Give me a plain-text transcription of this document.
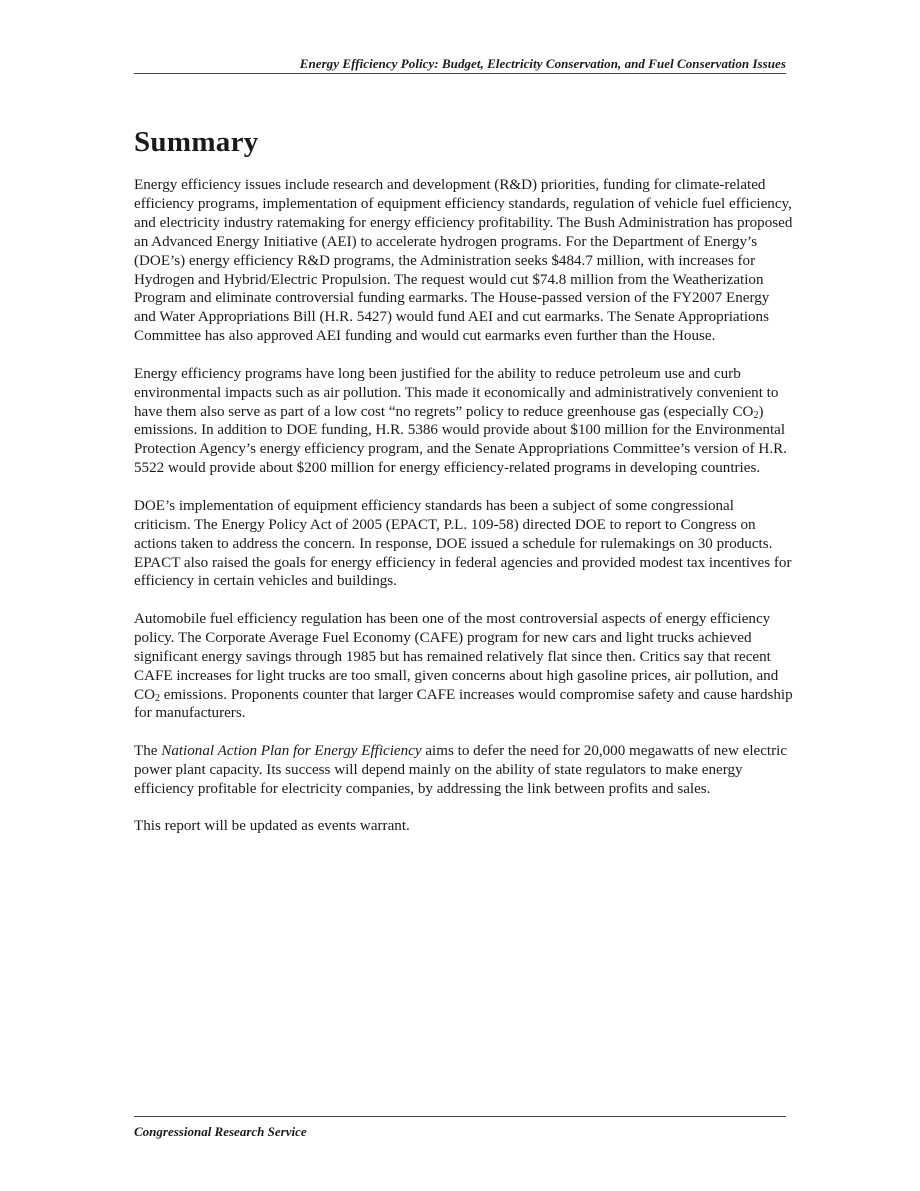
Energy Efficiency Policy: Budget, Electricity Conservation, and Fuel Conservation Issues
Summary

Energy efficiency issues include research and development (R&D) priorities, funding for climate-related efficiency programs, implementation of equipment efficiency standards, regulation of vehicle fuel efficiency, and electricity industry ratemaking for energy efficiency profitability. The Bush Administration has proposed an Advanced Energy Initiative (AEI) to accelerate hydrogen programs. For the Department of Energy’s (DOE’s) energy efficiency R&D programs, the Administration seeks $484.7 million, with increases for Hydrogen and Hybrid/Electric Propulsion. The request would cut $74.8 million from the Weatherization Program and eliminate controversial funding earmarks. The House-passed version of the FY2007 Energy and Water Appropriations Bill (H.R. 5427) would fund AEI and cut earmarks. The Senate Appropriations Committee has also approved AEI funding and would cut earmarks even further than the House.

Energy efficiency programs have long been justified for the ability to reduce petroleum use and curb environmental impacts such as air pollution. This made it economically and administratively convenient to have them also serve as part of a low cost “no regrets” policy to reduce greenhouse gas (especially $CO_2$) emissions. In addition to DOE funding, H.R. 5386 would provide about $100 million for the Environmental Protection Agency’s energy efficiency program, and the Senate Appropriations Committee’s version of H.R. 5522 would provide about $200 million for energy efficiency-related programs in developing countries.

DOE’s implementation of equipment efficiency standards has been a subject of some congressional criticism. The Energy Policy Act of 2005 (EPACT, P.L. 109-58) directed DOE to report to Congress on actions taken to address the concern. In response, DOE issued a schedule for rulemakings on 30 products. EPACT also raised the goals for energy efficiency in federal agencies and provided modest tax incentives for efficiency in certain vehicles and buildings.

Automobile fuel efficiency regulation has been one of the most controversial aspects of energy efficiency policy. The Corporate Average Fuel Economy (CAFE) program for new cars and light trucks achieved significant energy savings through 1985 but has remained relatively flat since then. Critics say that recent CAFE increases for light trucks are too small, given concerns about high gasoline prices, air pollution, and $CO_2$ emissions. Proponents counter that larger CAFE increases would compromise safety and cause hardship for manufacturers.

The National Action Plan for Energy Efficiency aims to defer the need for 20,000 megawatts of new electric power plant capacity. Its success will depend mainly on the ability of state regulators to make energy efficiency profitable for electricity companies, by addressing the link between profits and sales.

This report will be updated as events warrant.

Congressional Research Service
